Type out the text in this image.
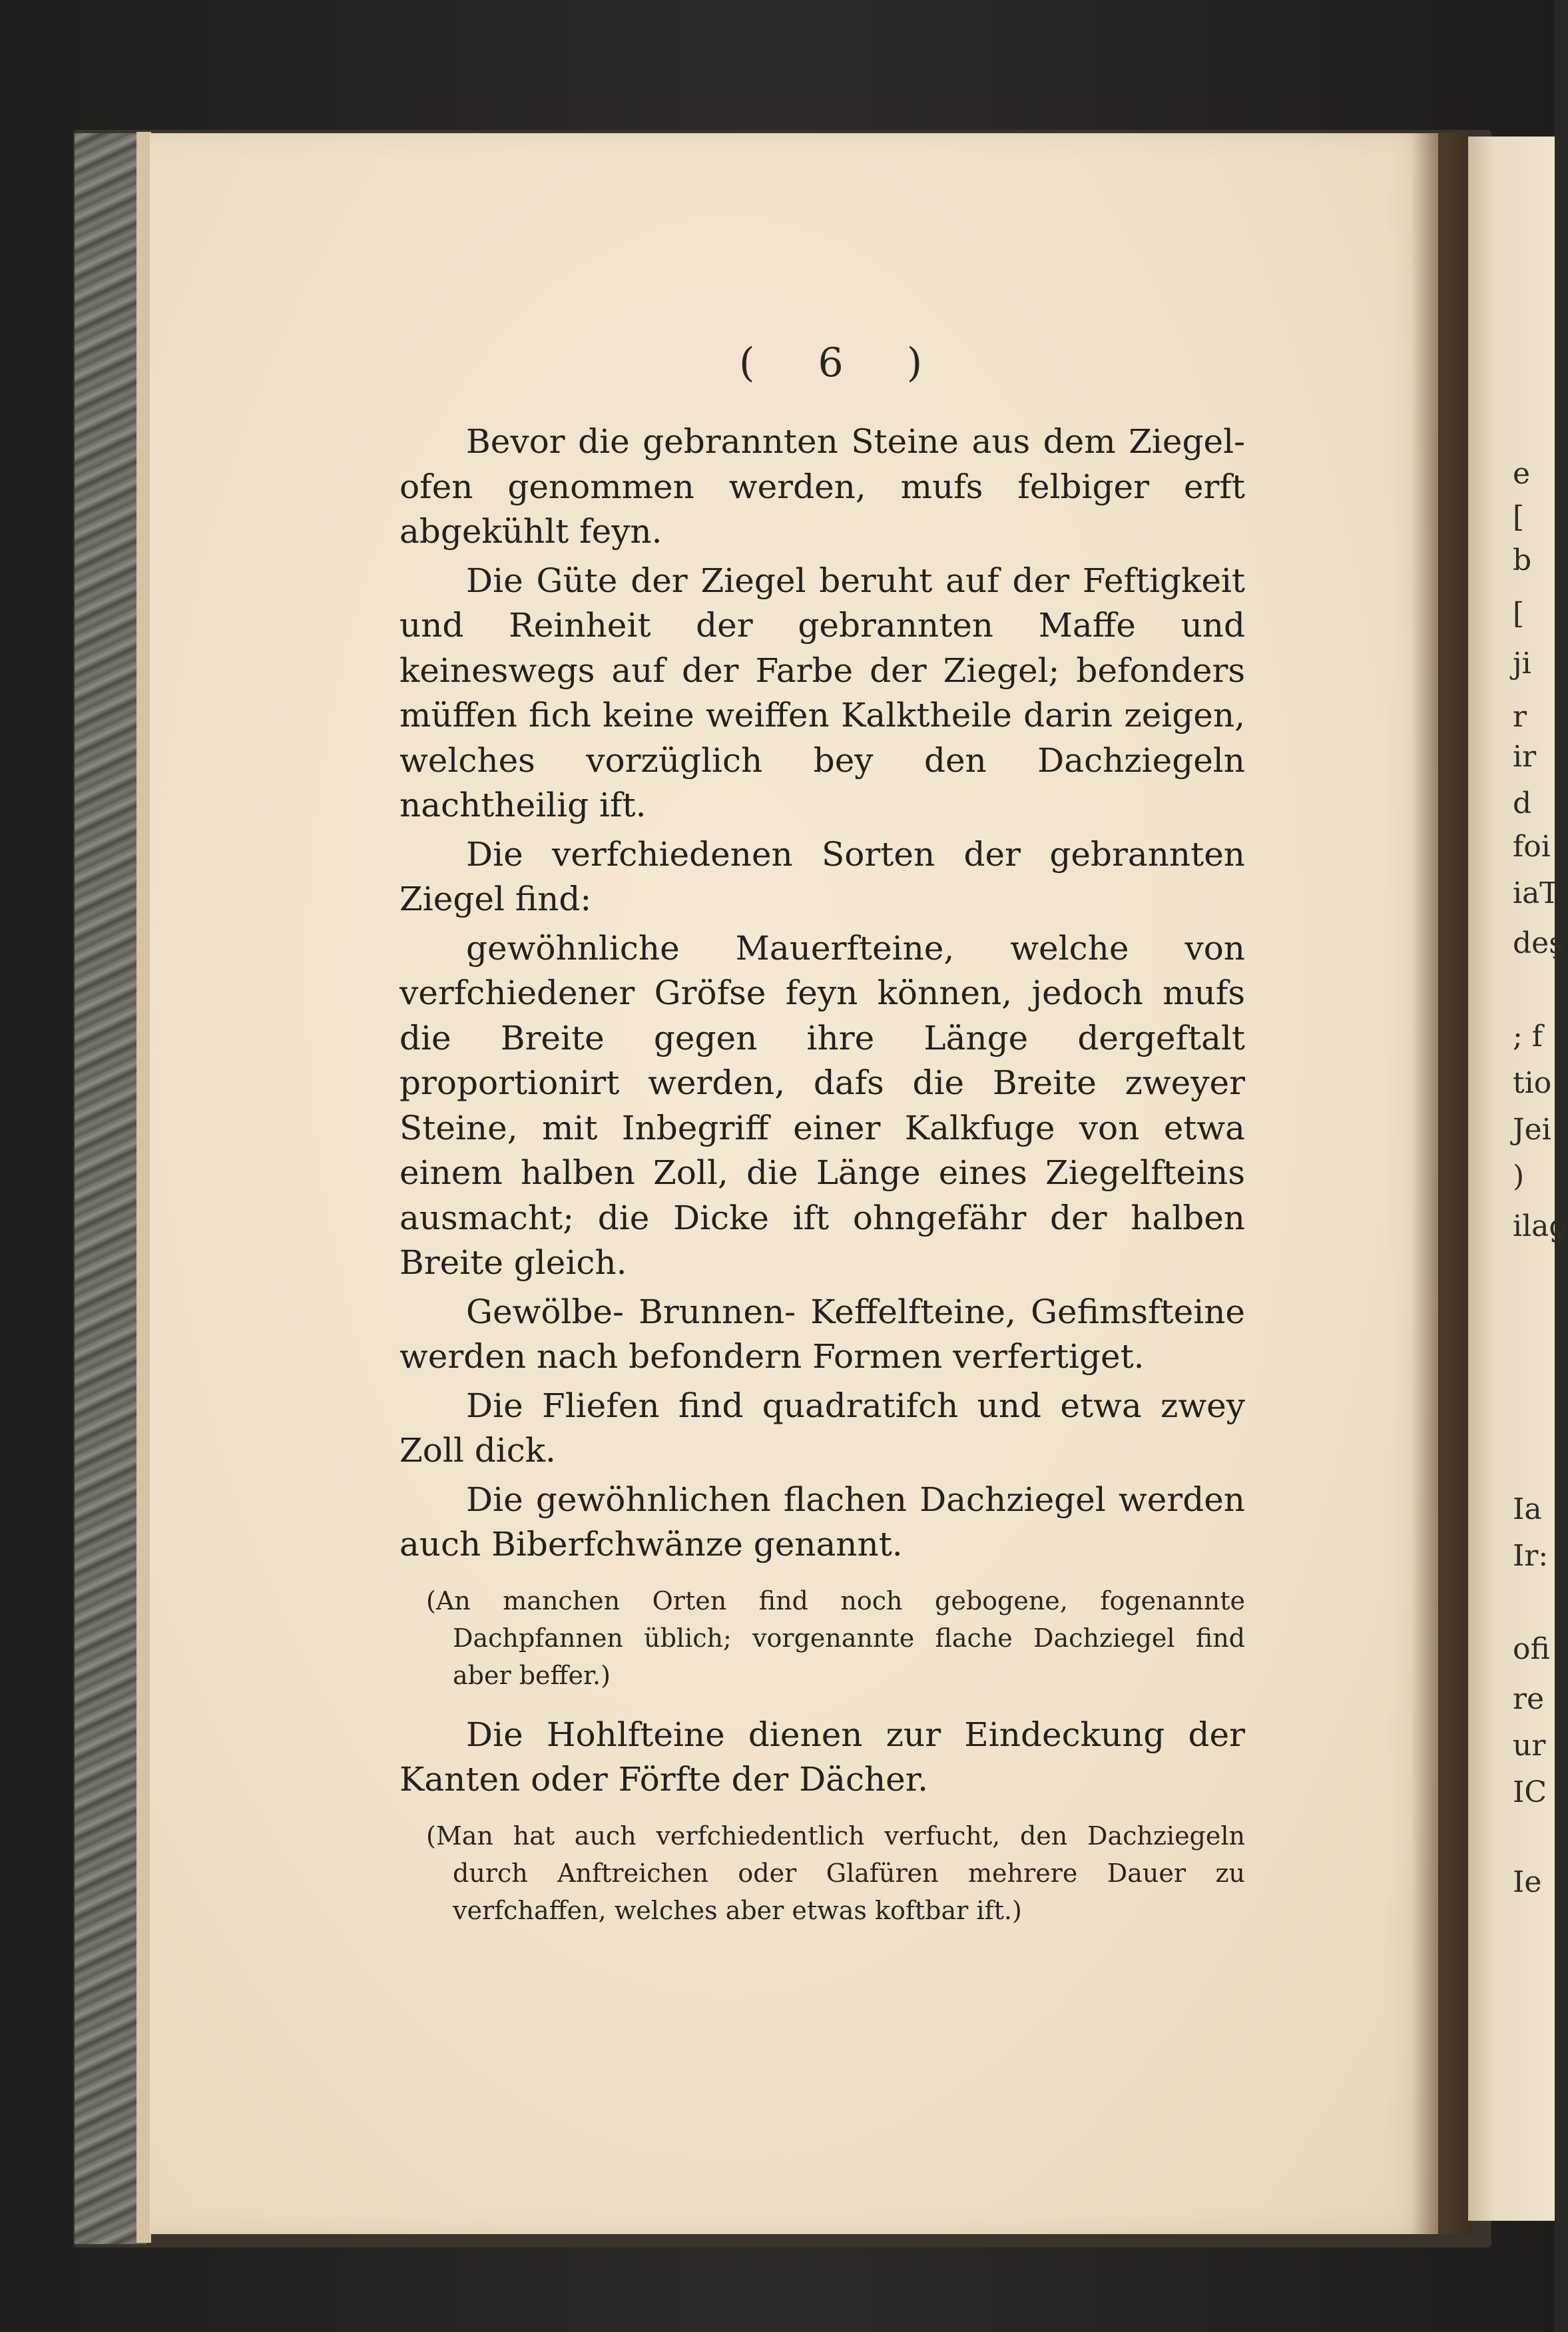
e
[
b
[
ji
r
ir
d
foi
iaT
deş
; f
tio
Jei
)
ilag
Ia
Ir:
ofi
re
ur
IC
Ie
( 6 )

Bevor die gebrannten Steine aus dem Ziegel-ofen genommen werden, mufs felbiger erft abgekühlt feyn.

Die Güte der Ziegel beruht auf der Feftigkeit und Reinheit der gebrannten Maffe und keineswegs auf der Farbe der Ziegel; befonders müffen fich keine weiffen Kalktheile darin zeigen, welches vorzüglich bey den Dachziegeln nachtheilig ift.

Die verfchiedenen Sorten der gebrannten Ziegel find:

gewöhnliche Mauerfteine, welche von verfchiedener Gröfse feyn können, jedoch mufs die Breite gegen ihre Länge dergeftalt proportionirt werden, dafs die Breite zweyer Steine, mit Inbegriff einer Kalkfuge von etwa einem halben Zoll, die Länge eines Ziegelfteins ausmacht; die Dicke ift ohngefähr der halben Breite gleich.

Gewölbe- Brunnen- Keffelfteine, Gefimsfteine werden nach befondern Formen verfertiget.

Die Fliefen find quadratifch und etwa zwey Zoll dick.

Die gewöhnlichen flachen Dachziegel werden auch Biberfchwänze genannt.

(An manchen Orten find noch gebogene, fogenannte Dachpfannen üblich; vorgenannte flache Dachziegel find aber beffer.)

Die Hohlfteine dienen zur Eindeckung der Kanten oder Förfte der Dächer.

(Man hat auch verfchiedentlich verfucht, den Dachziegeln durch Anftreichen oder Glafüren mehrere Dauer zu verfchaffen, welches aber etwas koftbar ift.)
